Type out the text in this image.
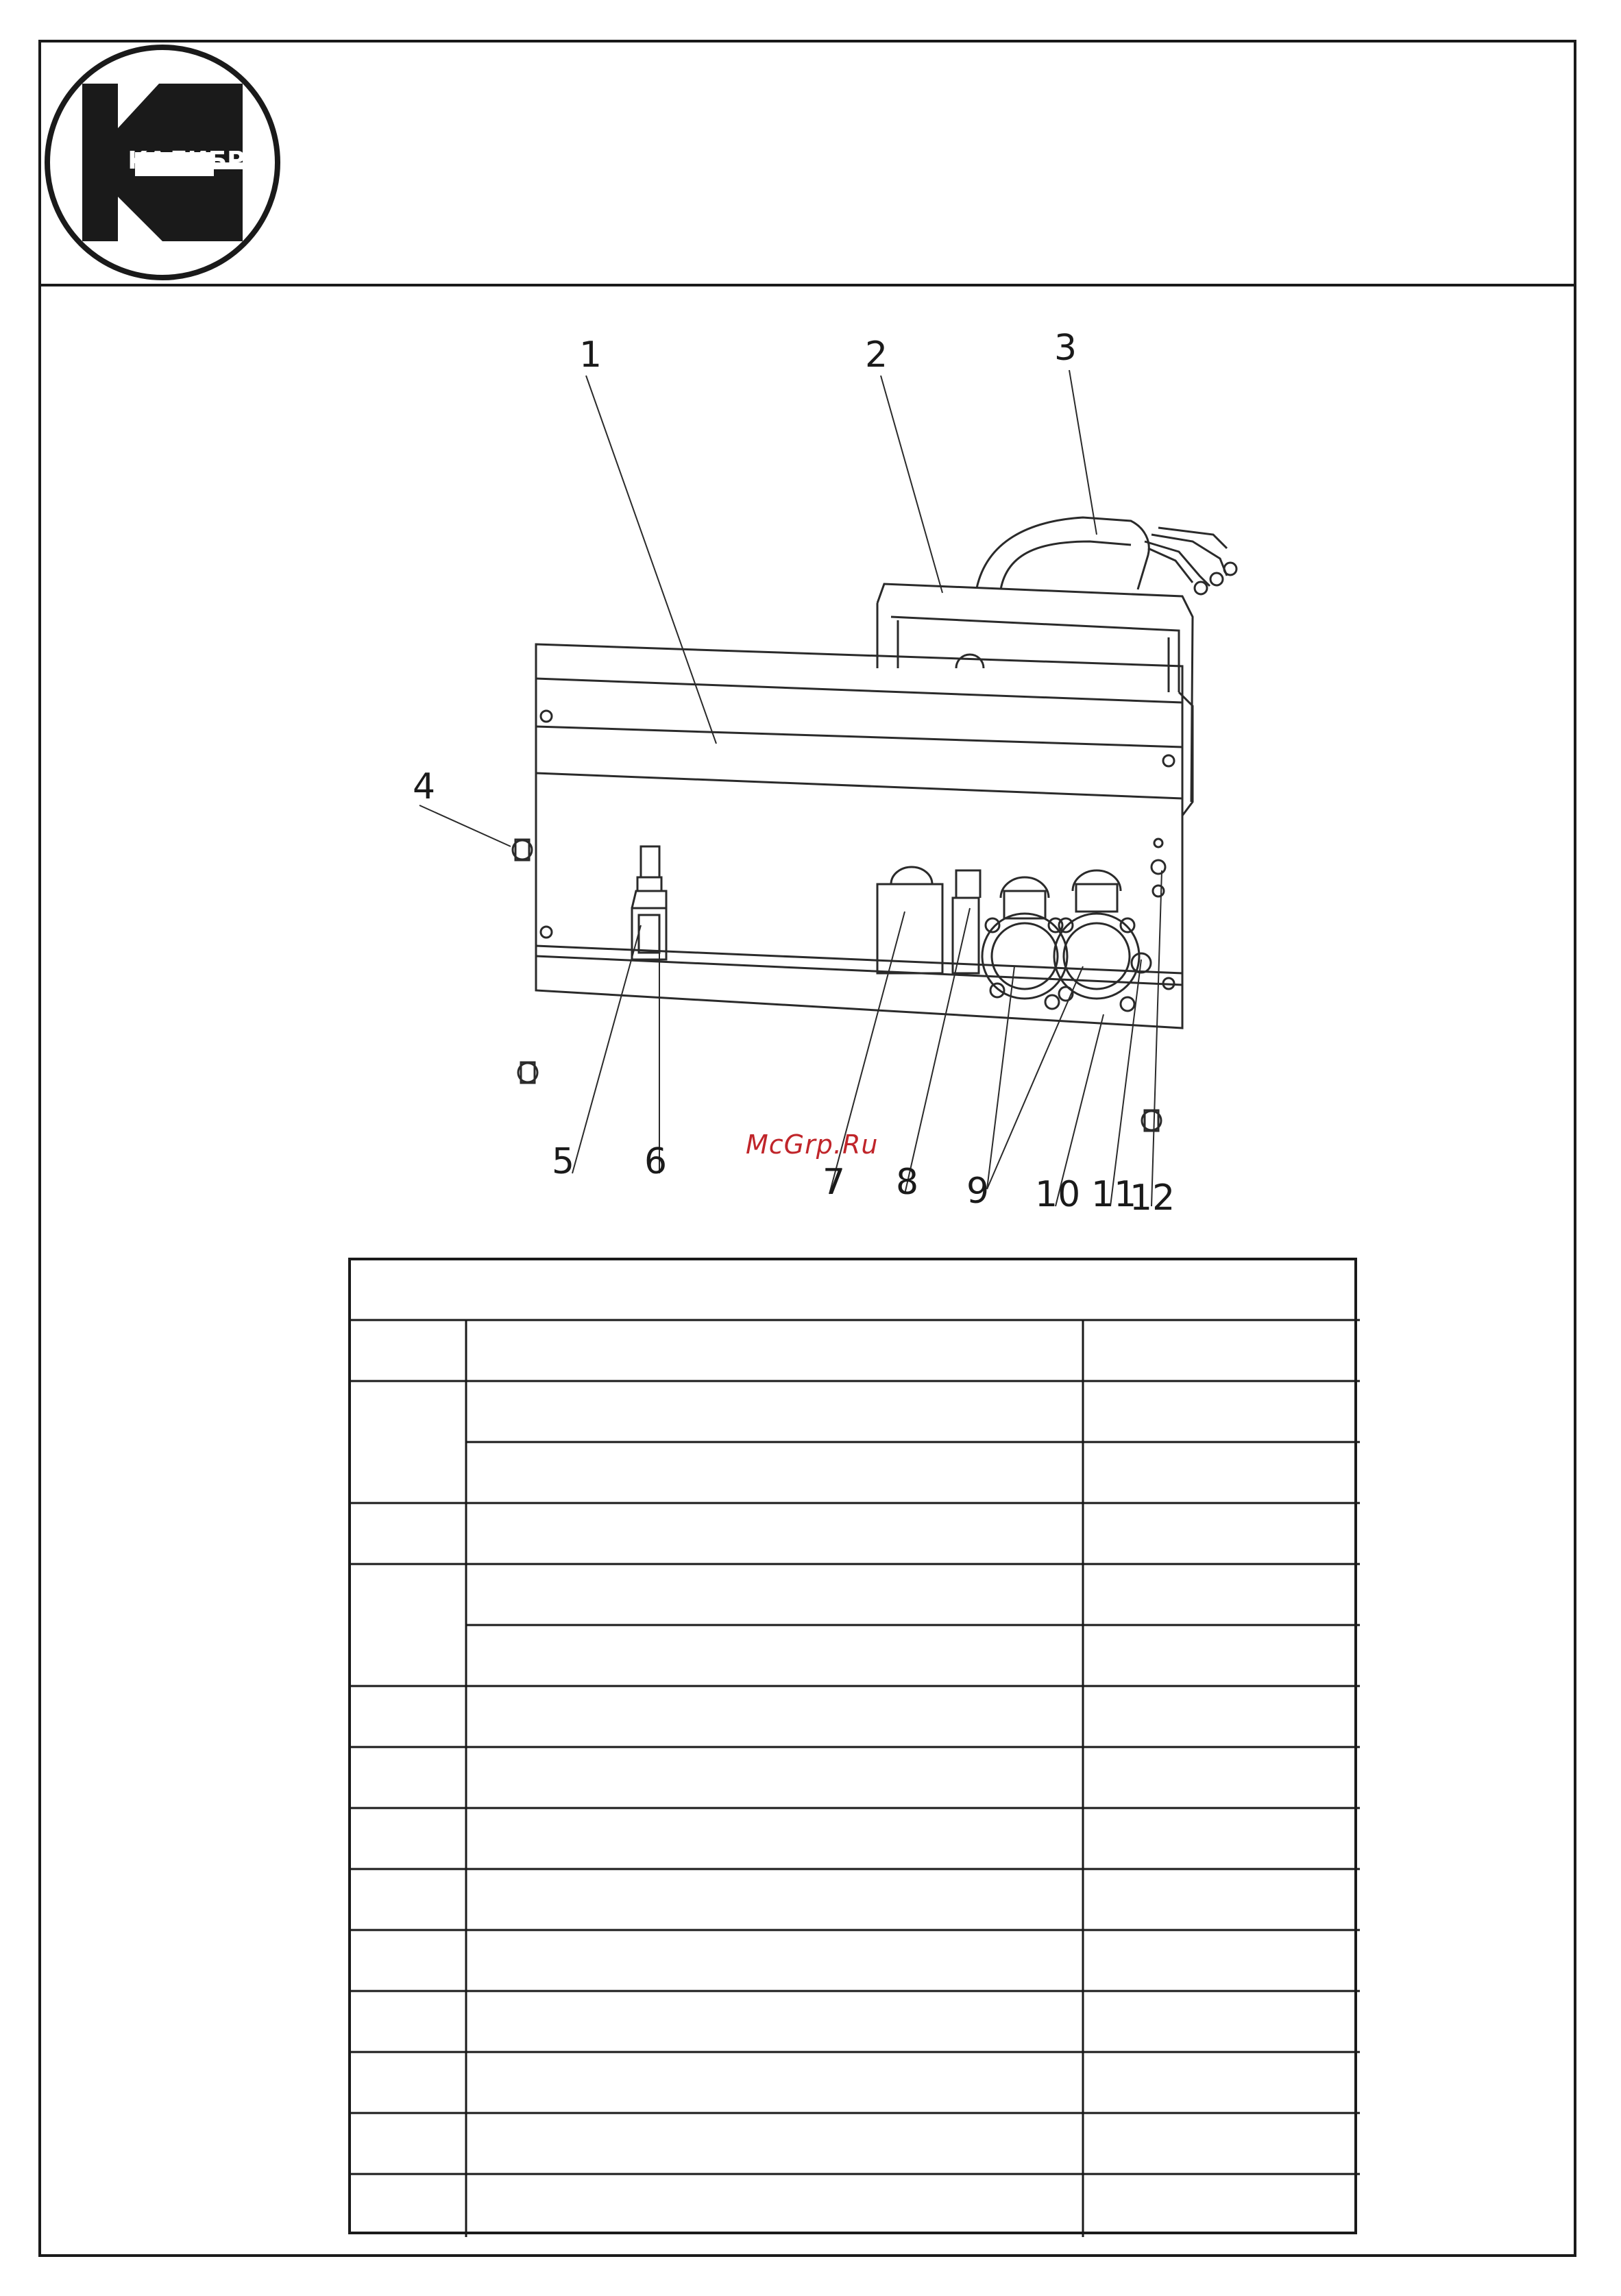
КАЛИБР
1	2	3
4
5 6	7 8 9 10 11
12
McGrp.Ru
